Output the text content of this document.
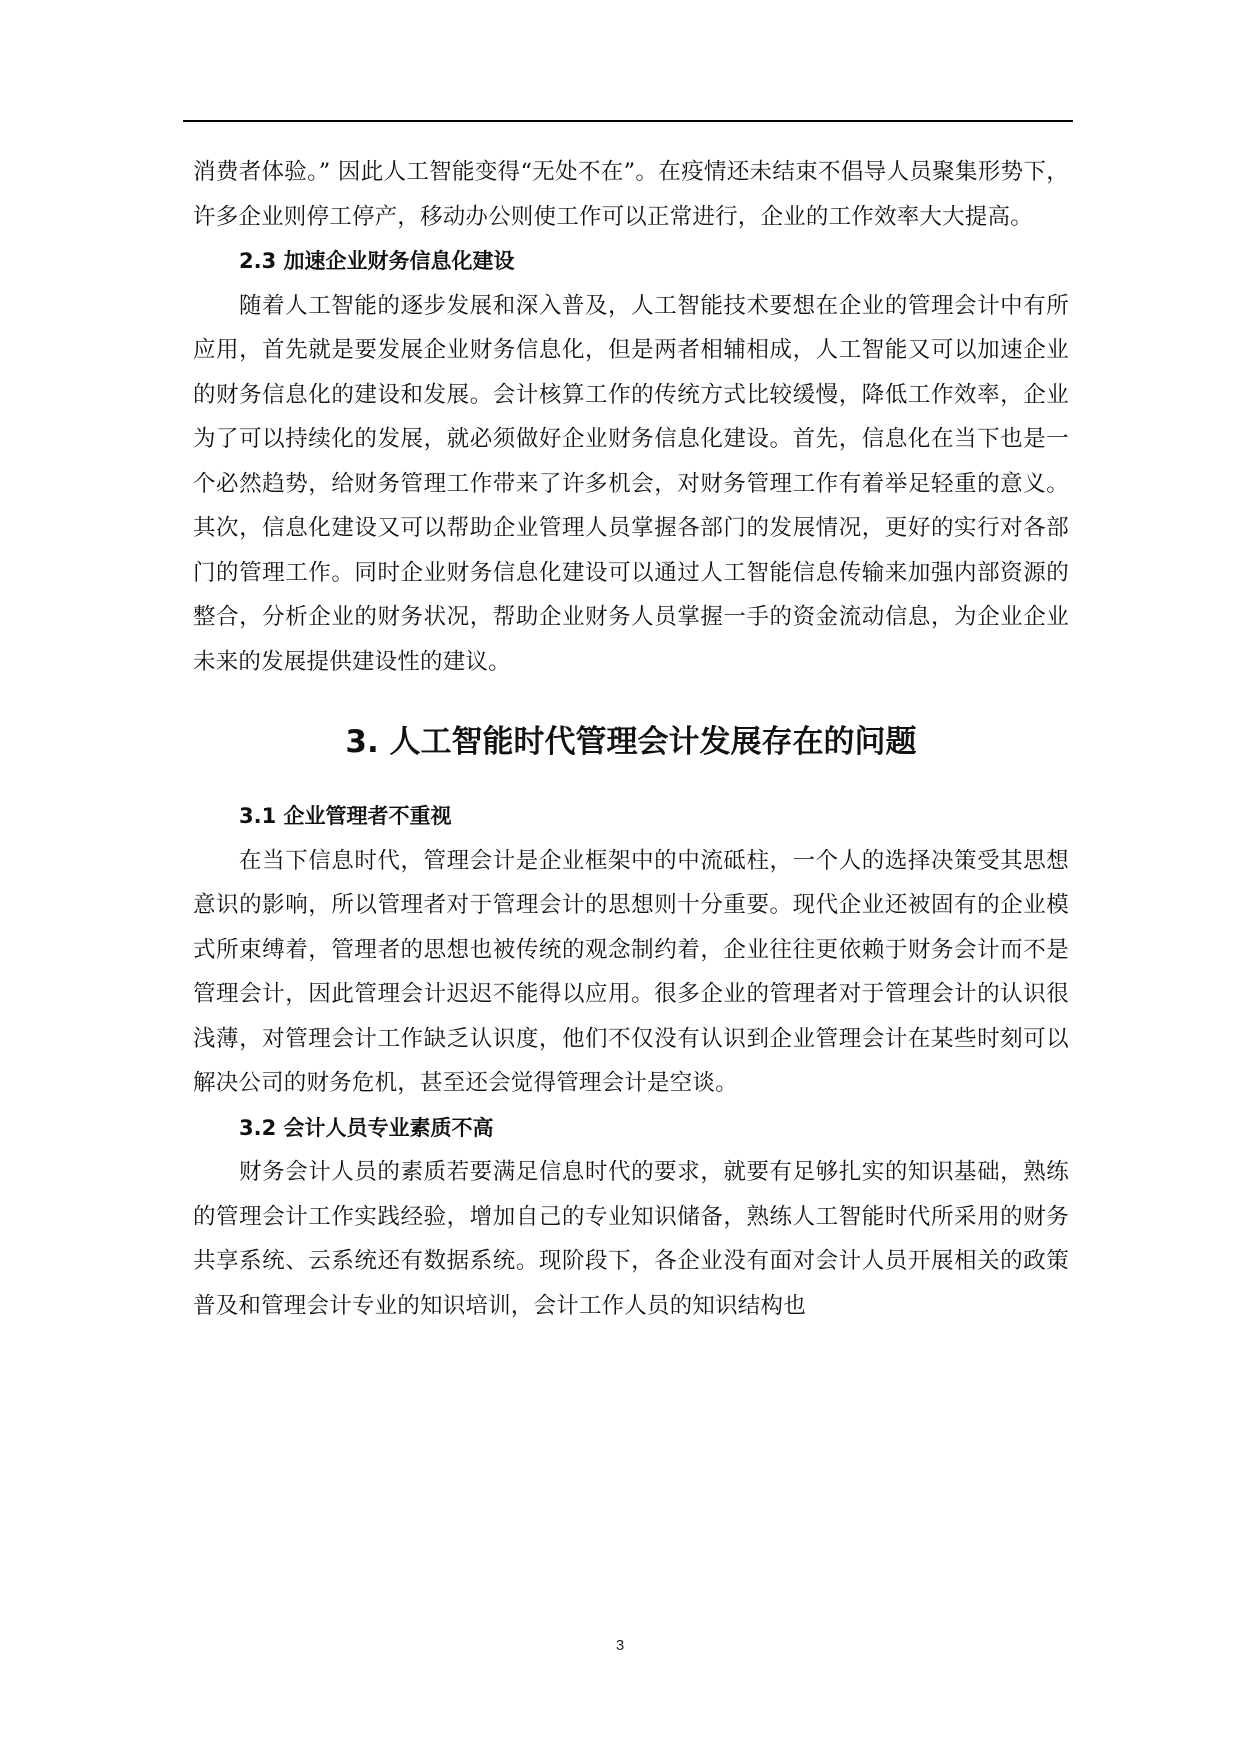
消费者体验。” 因此人工智能变得“无处不在”。在疫情还未结束不倡导人员聚集形势下，许多企业则停工停产，移动办公则使工作可以正常进行，企业的工作效率大大提高。

2.3 加速企业财务信息化建设

随着人工智能的逐步发展和深入普及，人工智能技术要想在企业的管理会计中有所应用，首先就是要发展企业财务信息化，但是两者相辅相成，人工智能又可以加速企业的财务信息化的建设和发展。会计核算工作的传统方式比较缓慢，降低工作效率，企业为了可以持续化的发展，就必须做好企业财务信息化建设。首先，信息化在当下也是一个必然趋势，给财务管理工作带来了许多机会，对财务管理工作有着举足轻重的意义。其次，信息化建设又可以帮助企业管理人员掌握各部门的发展情况，更好的实行对各部门的管理工作。同时企业财务信息化建设可以通过人工智能信息传输来加强内部资源的整合，分析企业的财务状况，帮助企业财务人员掌握一手的资金流动信息，为企业企业未来的发展提供建设性的建议。

3. 人工智能时代管理会计发展存在的问题
3.1 企业管理者不重视

在当下信息时代，管理会计是企业框架中的中流砥柱，一个人的选择决策受其思想意识的影响，所以管理者对于管理会计的思想则十分重要。现代企业还被固有的企业模式所束缚着，管理者的思想也被传统的观念制约着，企业往往更依赖于财务会计而不是管理会计，因此管理会计迟迟不能得以应用。很多企业的管理者对于管理会计的认识很浅薄，对管理会计工作缺乏认识度，他们不仅没有认识到企业管理会计在某些时刻可以解决公司的财务危机，甚至还会觉得管理会计是空谈。

3.2 会计人员专业素质不高

财务会计人员的素质若要满足信息时代的要求，就要有足够扎实的知识基础，熟练的管理会计工作实践经验，增加自己的专业知识储备，熟练人工智能时代所采用的财务共享系统、云系统还有数据系统。现阶段下，各企业没有面对会计人员开展相关的政策普及和管理会计专业的知识培训，会计工作人员的知识结构也

3
